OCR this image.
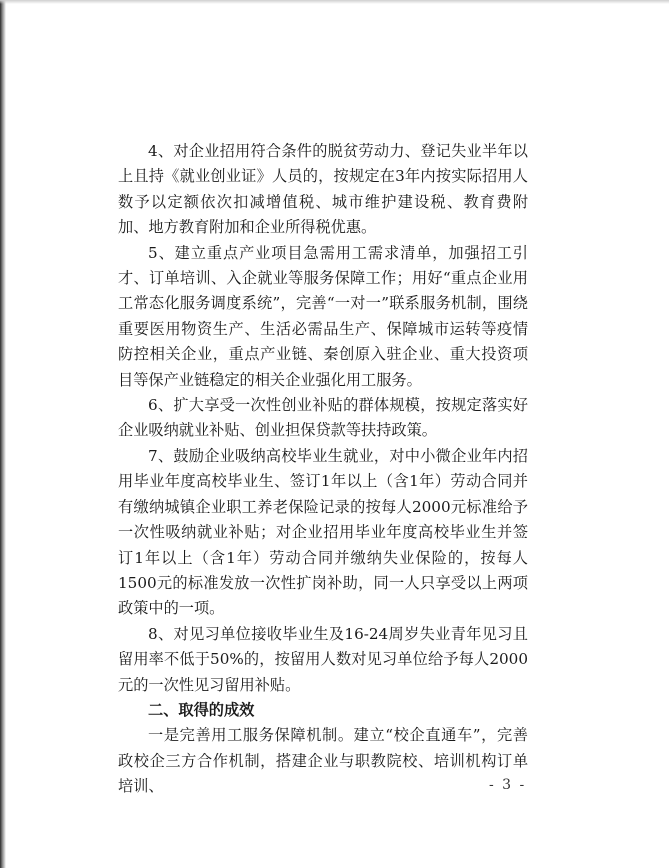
4、对企业招用符合条件的脱贫劳动力、登记失业半年以上且持《就业创业证》人员的，按规定在3年内按实际招用人数予以定额依次扣减增值税、城市维护建设税、教育费附加、地方教育附加和企业所得税优惠。

5、建立重点产业项目急需用工需求清单，加强招工引才、订单培训、入企就业等服务保障工作；用好“重点企业用工常态化服务调度系统”，完善“一对一”联系服务机制，围绕重要医用物资生产、生活必需品生产、保障城市运转等疫情防控相关企业，重点产业链、秦创原入驻企业、重大投资项目等保产业链稳定的相关企业强化用工服务。

6、扩大享受一次性创业补贴的群体规模，按规定落实好企业吸纳就业补贴、创业担保贷款等扶持政策。

7、鼓励企业吸纳高校毕业生就业，对中小微企业年内招用毕业年度高校毕业生、签订1年以上（含1年）劳动合同并有缴纳城镇企业职工养老保险记录的按每人2000元标准给予一次性吸纳就业补贴；对企业招用毕业年度高校毕业生并签订1年以上（含1年）劳动合同并缴纳失业保险的，按每人1500元的标准发放一次性扩岗补助，同一人只享受以上两项政策中的一项。

8、对见习单位接收毕业生及16-24周岁失业青年见习且留用率不低于50%的，按留用人数对见习单位给予每人2000元的一次性见习留用补贴。

二、取得的成效

一是完善用工服务保障机制。建立“校企直通车”，完善政校企三方合作机制，搭建企业与职教院校、培训机构订单培训、	- 3 -
